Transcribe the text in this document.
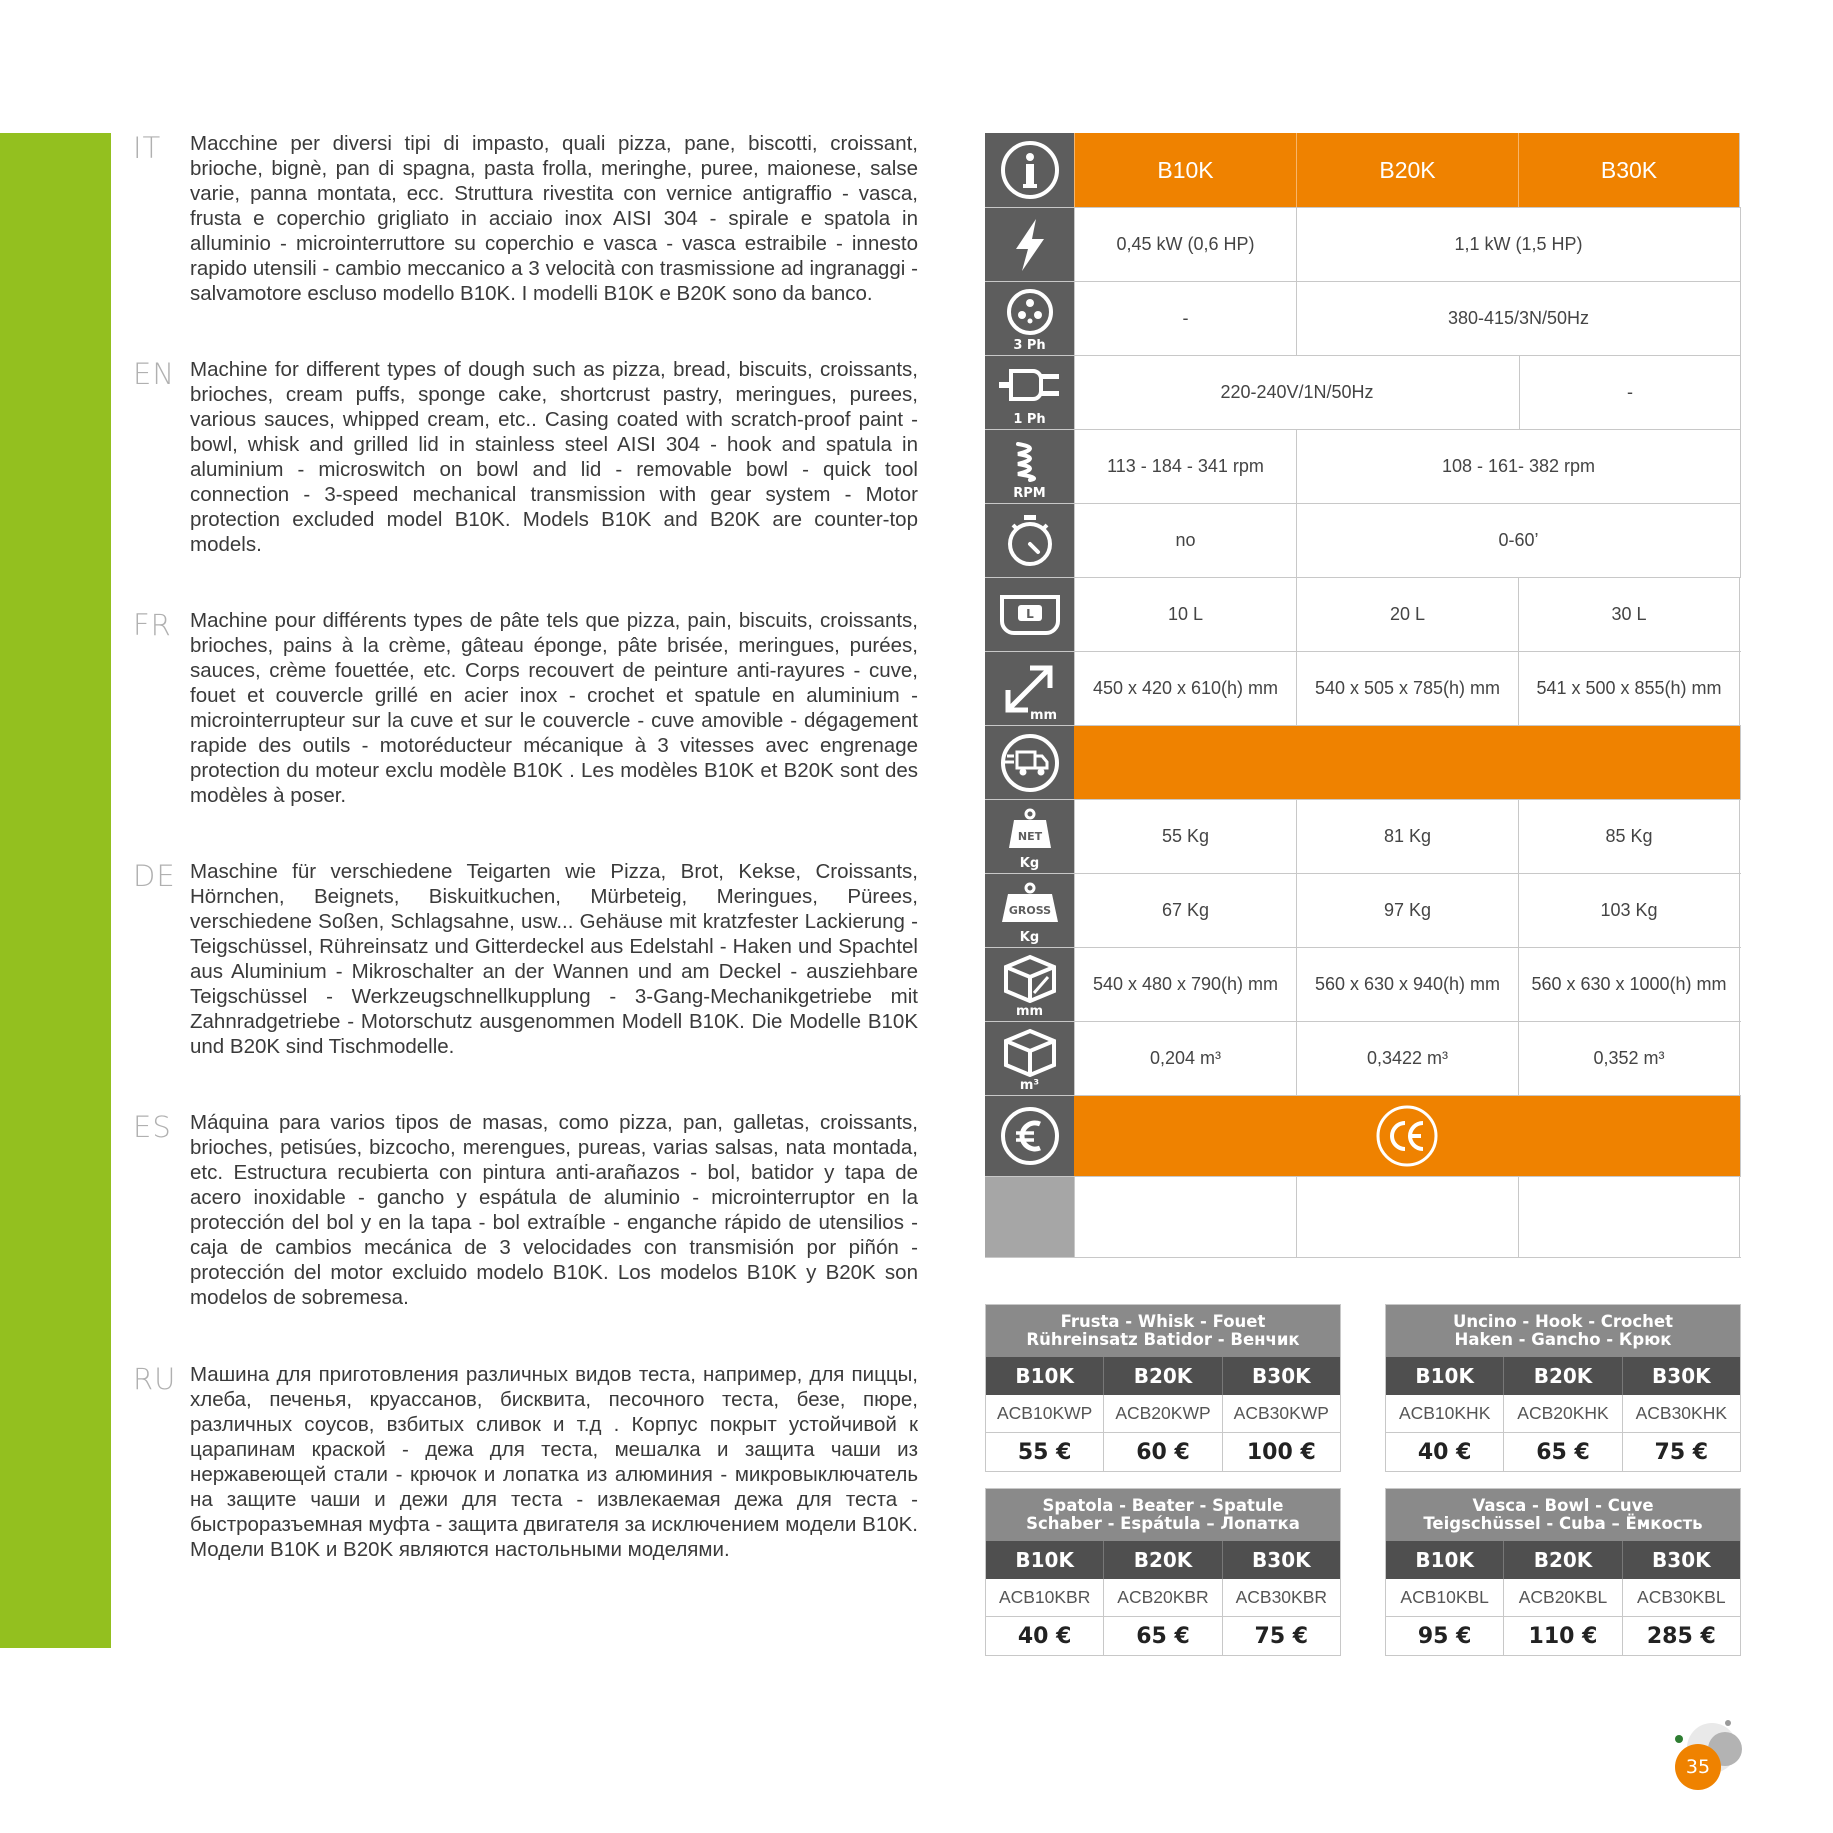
IT Macchine per diversi tipi di impasto, quali pizza, pane, biscotti, croissant, brioche, bignè, pan di spagna, pasta frolla, meringhe, puree, maionese, salse varie, panna montata, ecc. Struttura rivestita con vernice antigraffio - vasca, frusta e coperchio grigliato in acciaio inox AISI 304 - spirale e spatola in alluminio - microinterruttore su coperchio e vasca - vasca estraibile - innesto rapido utensili - cambio meccanico a 3 velocità con trasmissione ad ingranaggi - salvamotore escluso modello B10K. I modelli B10K e B20K sono da banco.
EN Machine for different types of dough such as pizza, bread, biscuits, croissants, brioches, cream puffs, sponge cake, shortcrust pastry, meringues, purees, various sauces, whipped cream, etc.. Casing coated with scratch-proof paint - bowl, whisk and grilled lid in stainless steel AISI 304 - hook and spatula in aluminium - microswitch on bowl and lid - removable bowl - quick tool connection - 3-speed mechanical transmission with gear system - Motor protection excluded model B10K. Models B10K and B20K are counter-top models.
FR Machine pour différents types de pâte tels que pizza, pain, biscuits, croissants, brioches, pains à la crème, gâteau éponge, pâte brisée, meringues, purées, sauces, crème fouettée, etc. Corps recouvert de peinture anti-rayures - cuve, fouet et couvercle grillé en acier inox - crochet et spatule en aluminium - microinterrupteur sur la cuve et sur le couvercle - cuve amovible - dégagement rapide des outils - motoréducteur mécanique à 3 vitesses avec engrenage protection du moteur exclu modèle B10K . Les modèles B10K et B20K sont des modèles à poser.
DE Maschine für verschiedene Teigarten wie Pizza, Brot, Kekse, Croissants, Hörnchen, Beignets, Biskuitkuchen, Mürbeteig, Meringues, Pürees, verschiedene Soßen, Schlagsahne, usw... Gehäuse mit kratzfester Lackierung - Teigschüssel, Rühreinsatz und Gitterdeckel aus Edelstahl - Haken und Spachtel aus Aluminium - Mikroschalter an der Wannen und am Deckel - ausziehbare Teigschüssel - Werkzeugschnellkupplung - 3-Gang-Mechanikgetriebe mit Zahnradgetriebe - Motorschutz ausgenommen Modell B10K. Die Modelle B10K und B20K sind Tischmodelle.
ES Máquina para varios tipos de masas, como pizza, pan, galletas, croissants, brioches, petisúes, bizcocho, merengues, pureas, varias salsas, nata montada, etc. Estructura recubierta con pintura anti-arañazos - bol, batidor y tapa de acero inoxidable - gancho y espátula de aluminio - microinterruptor en la protección del bol y en la tapa - bol extraíble - enganche rápido de utensilios - caja de cambios mecánica de 3 velocidades con transmisión por piñón - protección del motor excluido modelo B10K. Los modelos B10K y B20K son modelos de sobremesa.
RU Машина для приготовления различных видов теста, например, для пиццы, хлеба, печенья, круассанов, бисквита, песочного теста, безе, пюре, различных соусов, взбитых сливок и т.д . Корпус покрыт устойчивой к царапинам краской - дежа для теста, мешалка и защита чаши из нержавеющей стали - крючок и лопатка из алюминия - микровыключатель на защите чаши и дежи для теста - извлекаемая дежа для теста - быстроразъемная муфта - защита двигателя за исключением модели B10K. Модели B10K и B20K являются настольными моделями.
B10K	B20K	B30K
0,45 kW (0,6 HP)	1,1 kW (1,5 HP)
3 Ph
-	380-415/3N/50Hz
1 Ph
220-240V/1N/50Hz	-
RPM
113 - 184 - 341 rpm	108 - 161- 382 rpm
no	0-60’
L	10 L	20 L	30 L
mm
450 x 420 x 610(h) mm	540 x 505 x 785(h) mm	541 x 500 x 855(h) mm
NET
Kg
55 Kg	81 Kg	85 Kg
GROSS
Kg
67 Kg	97 Kg	103 Kg
mm
540 x 480 x 790(h) mm	560 x 630 x 940(h) mm	560 x 630 x 1000(h) mm
m³
0,204 m³	0,3422 m³	0,352 m³
Frusta - Whisk - Fouet
Rühreinsatz Batidor - Венчик
B10K	B20K	B30K
ACB10KWP	ACB20KWP	ACB30KWP
55 €	60 €	100 €
Uncino - Hook - Crochet
Haken - Gancho - Крюк
B10K	B20K	B30K
ACB10KHK	ACB20KHK	ACB30KHK
40 €	65 €	75 €
Spatola - Beater - Spatule
Schaber - Espátula – Лопатка
B10K	B20K	B30K
ACB10KBR	ACB20KBR	ACB30KBR
40 €	65 €	75 €
Vasca - Bowl - Cuve
Teigschüssel - Cuba – Ёмкость
B10K	B20K	B30K
ACB10KBL	ACB20KBL	ACB30KBL
95 €	110 €	285 €
35
